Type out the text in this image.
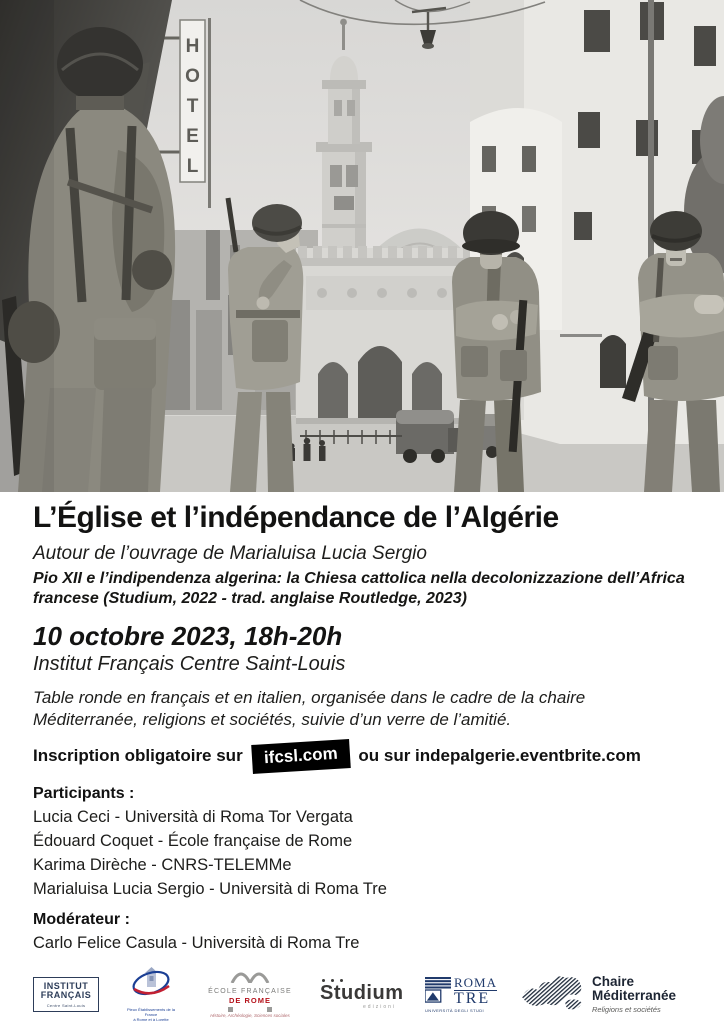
H
O
T
E
L
L’Église et l’indépendance de l’Algérie
Autour de l’ouvrage de Marialuisa Lucia Sergio
Pio XII e l’indipendenza algerina: la Chiesa cattolica nella decolonizzazione dell’Africa
francese (Studium, 2022 - trad. anglaise Routledge, 2023)
10 octobre 2023, 18h-20h
Institut Français Centre Saint-Louis
Table ronde en français et en italien, organisée dans le cadre de la chaire
Méditerranée, religions et sociétés, suivie d’un verre de l’amitié.
Inscription obligatoire sur	ifcsl.com	ou sur indepalgerie.eventbrite.com
Participants :
Lucia Ceci - Università di Roma Tor Vergata
Édouard Coquet - École française de Rome
Karima Dirèche - CNRS-TELEMMe
Marialuisa Lucia Sergio - Università di Roma Tre
Modérateur :
Carlo Felice Casula - Università di Roma Tre
INSTITUT
FRANÇAIS
Centre Saint-Louis
Pieux Établissements de la France
à Rome et à Lorette
ÉCOLE FRANÇAISE
DE ROME
Histoire, Archéologie, Sciences sociales
Studium
edizioni
ROMA
TRE
UNIVERSITÀ DEGLI STUDI
Chaire
Méditerranée
Religions et sociétés
